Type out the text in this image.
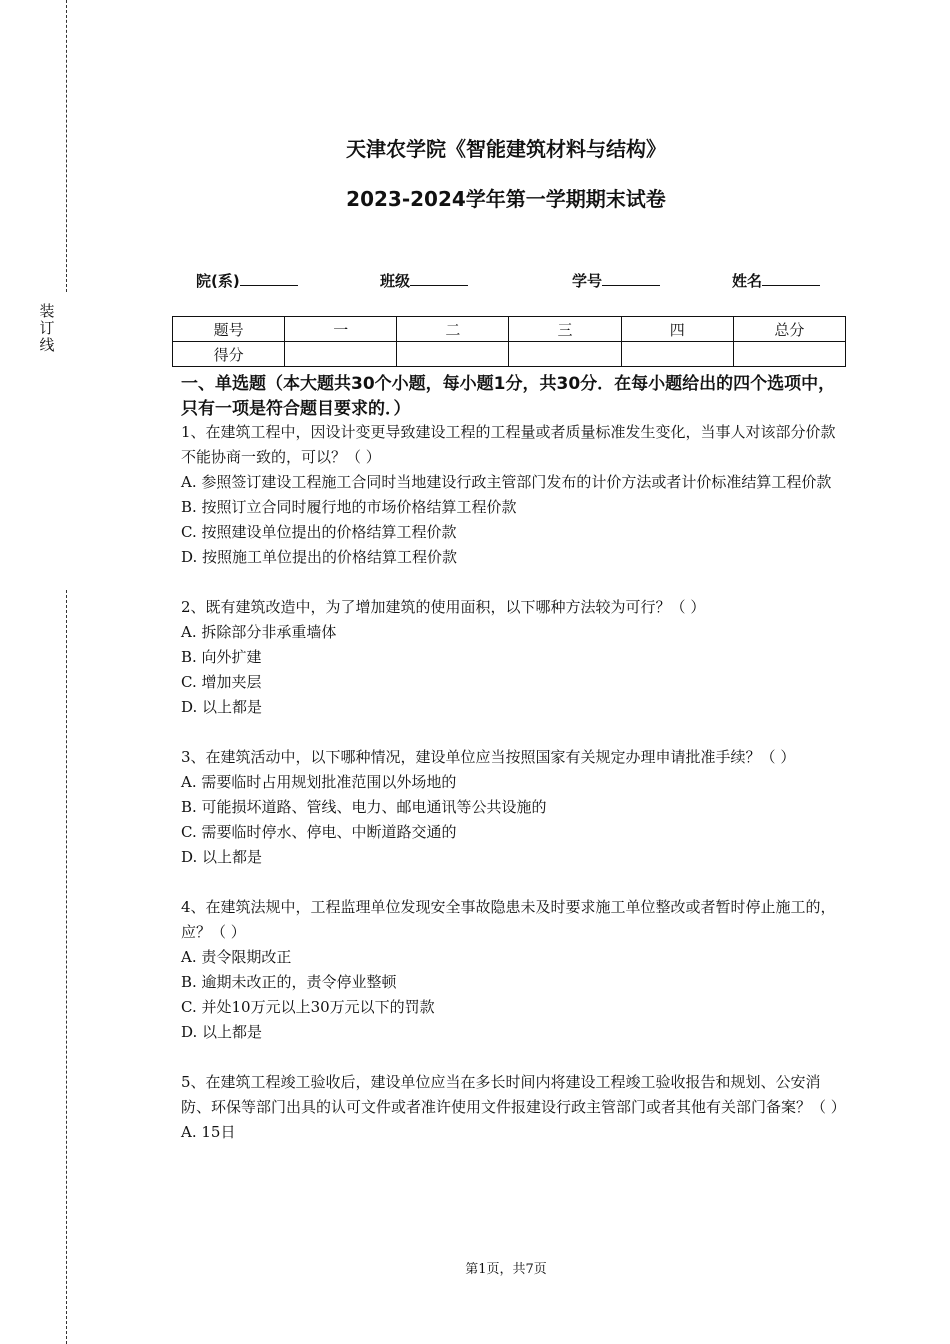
装订线
天津农学院《智能建筑材料与结构》
2023-2024学年第一学期期末试卷
院(系)	班级	学号	姓名
题号	一	二	三	四	总分
得分					
一、单选题（本大题共30个小题，每小题1分，共30分．在每小题给出的四个选项中，只有一项是符合题目要求的．）

1、在建筑工程中，因设计变更导致建设工程的工程量或者质量标准发生变化，当事人对该部分价款不能协商一致的，可以？（ ）

A. 参照签订建设工程施工合同时当地建设行政主管部门发布的计价方法或者计价标准结算工程价款

B. 按照订立合同时履行地的市场价格结算工程价款

C. 按照建设单位提出的价格结算工程价款

D. 按照施工单位提出的价格结算工程价款

2、既有建筑改造中，为了增加建筑的使用面积，以下哪种方法较为可行？（ ）

A. 拆除部分非承重墙体

B. 向外扩建

C. 增加夹层

D. 以上都是

3、在建筑活动中，以下哪种情况，建设单位应当按照国家有关规定办理申请批准手续？（ ）

A. 需要临时占用规划批准范围以外场地的

B. 可能损坏道路、管线、电力、邮电通讯等公共设施的

C. 需要临时停水、停电、中断道路交通的

D. 以上都是

4、在建筑法规中，工程监理单位发现安全事故隐患未及时要求施工单位整改或者暂时停止施工的，应？（ ）

A. 责令限期改正

B. 逾期未改正的，责令停业整顿

C. 并处10万元以上30万元以下的罚款

D. 以上都是

5、在建筑工程竣工验收后，建设单位应当在多长时间内将建设工程竣工验收报告和规划、公安消防、环保等部门出具的认可文件或者准许使用文件报建设行政主管部门或者其他有关部门备案？（ ）

A. 15日

第1页，共7页
